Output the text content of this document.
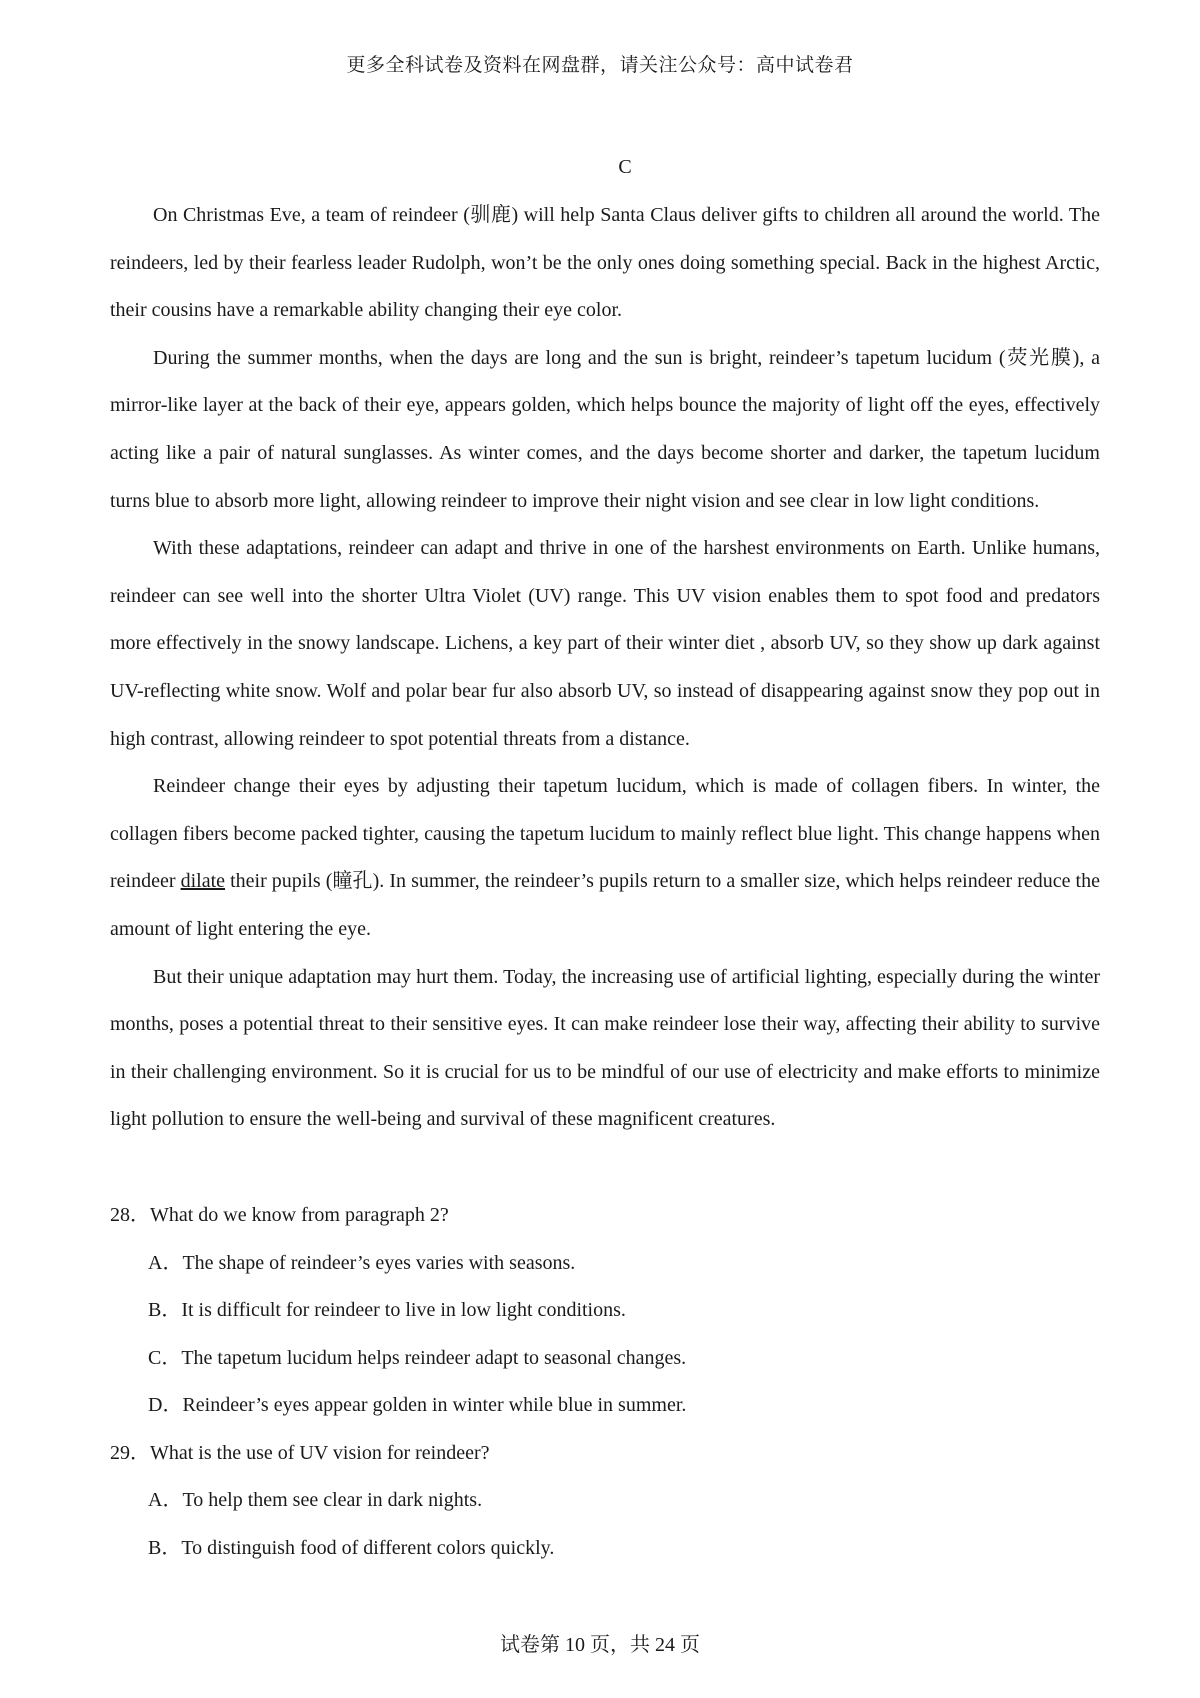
更多全科试卷及资料在网盘群，请关注公众号：高中试卷君
C

On Christmas Eve, a team of reindeer (驯鹿) will help Santa Claus deliver gifts to children all around the world. The reindeers, led by their fearless leader Rudolph, won’t be the only ones doing something special. Back in the highest Arctic, their cousins have a remarkable ability changing their eye color.

During the summer months, when the days are long and the sun is bright, reindeer’s tapetum lucidum (荧光膜), a mirror-like layer at the back of their eye, appears golden, which helps bounce the majority of light off the eyes, effectively acting like a pair of natural sunglasses. As winter comes, and the days become shorter and darker, the tapetum lucidum turns blue to absorb more light, allowing reindeer to improve their night vision and see clear in low light conditions.

With these adaptations, reindeer can adapt and thrive in one of the harshest environments on Earth. Unlike humans, reindeer can see well into the shorter Ultra Violet (UV) range. This UV vision enables them to spot food and predators more effectively in the snowy landscape. Lichens, a key part of their winter diet , absorb UV, so they show up dark against UV-reflecting white snow. Wolf and polar bear fur also absorb UV, so instead of disappearing against snow they pop out in high contrast, allowing reindeer to spot potential threats from a distance.

Reindeer change their eyes by adjusting their tapetum lucidum, which is made of collagen fibers. In winter, the collagen fibers become packed tighter, causing the tapetum lucidum to mainly reflect blue light. This change happens when reindeer dilate their pupils (瞳孔). In summer, the reindeer’s pupils return to a smaller size, which helps reindeer reduce the amount of light entering the eye.

But their unique adaptation may hurt them. Today, the increasing use of artificial lighting, especially during the winter months, poses a potential threat to their sensitive eyes. It can make reindeer lose their way, affecting their ability to survive in their challenging environment. So it is crucial for us to be mindful of our use of electricity and make efforts to minimize light pollution to ensure the well-being and survival of these magnificent creatures.

28．What do we know from paragraph 2?

A．The shape of reindeer’s eyes varies with seasons.

B．It is difficult for reindeer to live in low light conditions.

C．The tapetum lucidum helps reindeer adapt to seasonal changes.

D．Reindeer’s eyes appear golden in winter while blue in summer.

29．What is the use of UV vision for reindeer?

A．To help them see clear in dark nights.

B．To distinguish food of different colors quickly.

试卷第 10 页，共 24 页
